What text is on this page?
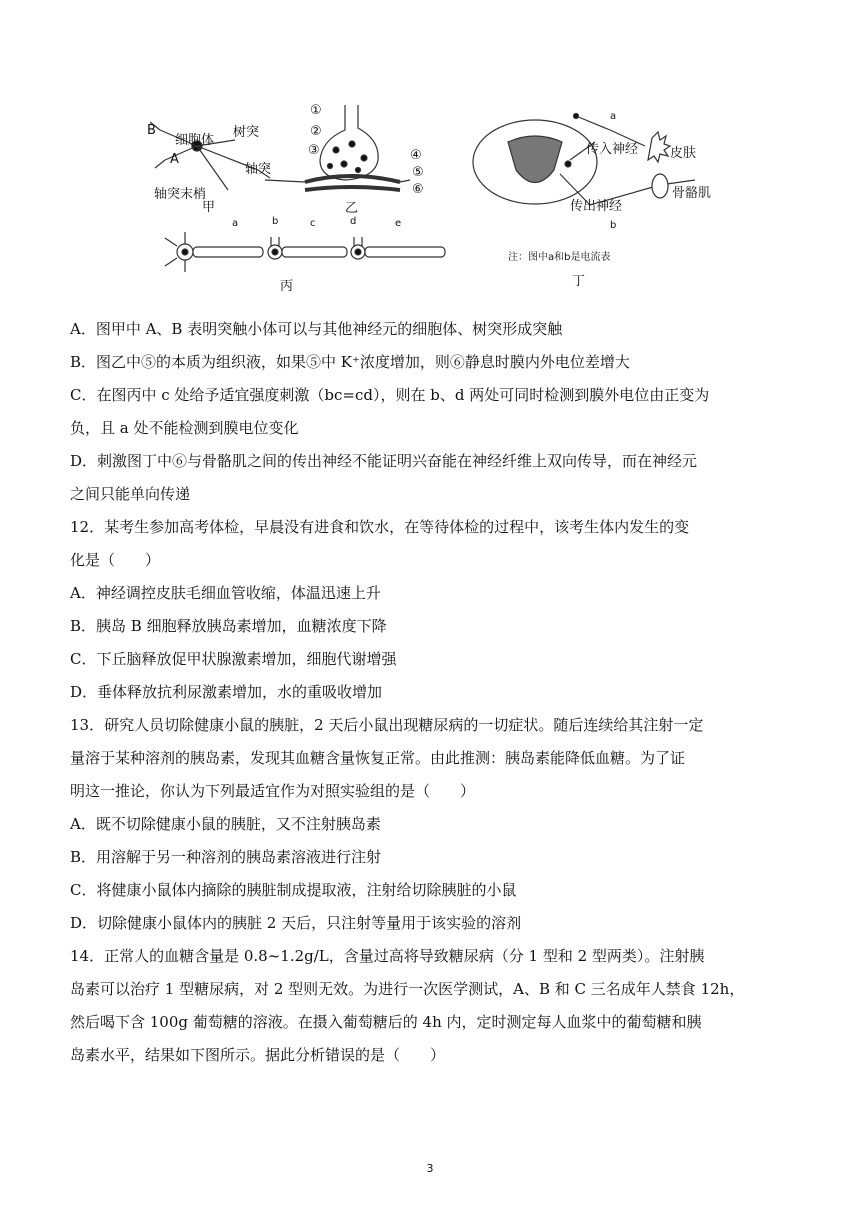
B
细胞体
树突
A
轴突
轴突末梢
甲
①
②
③	④
⑤
⑥
乙
a
传入神经 皮肤
传出神经
骨骼肌
b
注：图中a和b是电流表
丁
a	b	c	d	e
丙
A．图甲中 A、B 表明突触小体可以与其他神经元的细胞体、树突形成突触
B．图乙中⑤的本质为组织液，如果⑤中 K⁺浓度增加，则⑥静息时膜内外电位差增大
C．在图丙中 c 处给予适宜强度刺激（bc=cd），则在 b、d 两处可同时检测到膜外电位由正变为
负，且 a 处不能检测到膜电位变化
D．刺激图丁中⑥与骨骼肌之间的传出神经不能证明兴奋能在神经纤维上双向传导，而在神经元
之间只能单向传递
12．某考生参加高考体检，早晨没有进食和饮水，在等待体检的过程中，该考生体内发生的变
化是（　　）
A．神经调控皮肤毛细血管收缩，体温迅速上升
B．胰岛 B 细胞释放胰岛素增加，血糖浓度下降
C．下丘脑释放促甲状腺激素增加，细胞代谢增强
D．垂体释放抗利尿激素增加，水的重吸收增加
13．研究人员切除健康小鼠的胰脏，2 天后小鼠出现糖尿病的一切症状。随后连续给其注射一定
量溶于某种溶剂的胰岛素，发现其血糖含量恢复正常。由此推测：胰岛素能降低血糖。为了证
明这一推论，你认为下列最适宜作为对照实验组的是（　　）
A．既不切除健康小鼠的胰脏，又不注射胰岛素
B．用溶解于另一种溶剂的胰岛素溶液进行注射
C．将健康小鼠体内摘除的胰脏制成提取液，注射给切除胰脏的小鼠
D．切除健康小鼠体内的胰脏 2 天后，只注射等量用于该实验的溶剂
14．正常人的血糖含量是 0.8~1.2g/L，含量过高将导致糖尿病（分 1 型和 2 型两类）。注射胰
岛素可以治疗 1 型糖尿病，对 2 型则无效。为进行一次医学测试，A、B 和 C 三名成年人禁食 12h，
然后喝下含 100g 葡萄糖的溶液。在摄入葡萄糖后的 4h 内，定时测定每人血浆中的葡萄糖和胰
岛素水平，结果如下图所示。据此分析错误的是（　　）
3
